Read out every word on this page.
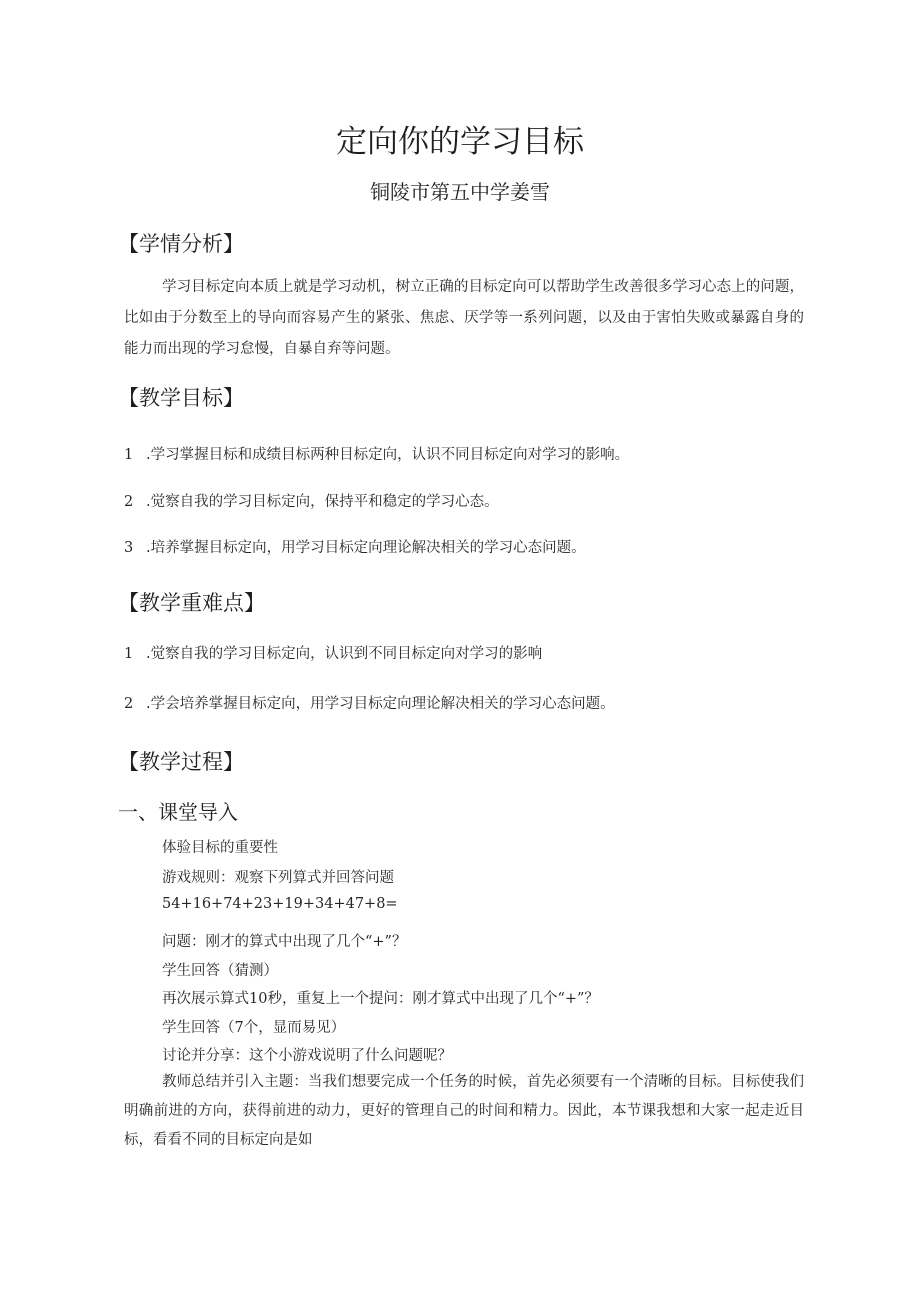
定向你的学习目标
铜陵市第五中学姜雪
【学情分析】
学习目标定向本质上就是学习动机，树立正确的目标定向可以帮助学生改善很多学习心态上的问题，比如由于分数至上的导向而容易产生的紧张、焦虑、厌学等一系列问题，以及由于害怕失败或暴露自身的能力而出现的学习怠慢，自暴自弃等问题。
【教学目标】
1 .学习掌握目标和成绩目标两种目标定向，认识不同目标定向对学习的影响。
2 .觉察自我的学习目标定向，保持平和稳定的学习心态。
3 .培养掌握目标定向，用学习目标定向理论解决相关的学习心态问题。
【教学重难点】
1 .觉察自我的学习目标定向，认识到不同目标定向对学习的影响
2 .学会培养掌握目标定向，用学习目标定向理论解决相关的学习心态问题。
【教学过程】
一、课堂导入
体验目标的重要性
游戏规则：观察下列算式并回答问题
54+16+74+23+19+34+47+8=
问题：刚才的算式中出现了几个“+”？
学生回答（猜测）
再次展示算式10秒，重复上一个提问：刚才算式中出现了几个“+”？
学生回答（7个，显而易见）
讨论并分享：这个小游戏说明了什么问题呢？
教师总结并引入主题：当我们想要完成一个任务的时候，首先必须要有一个清晰的目标。目标使我们明确前进的方向，获得前进的动力，更好的管理自己的时间和精力。因此，本节课我想和大家一起走近目标，看看不同的目标定向是如
